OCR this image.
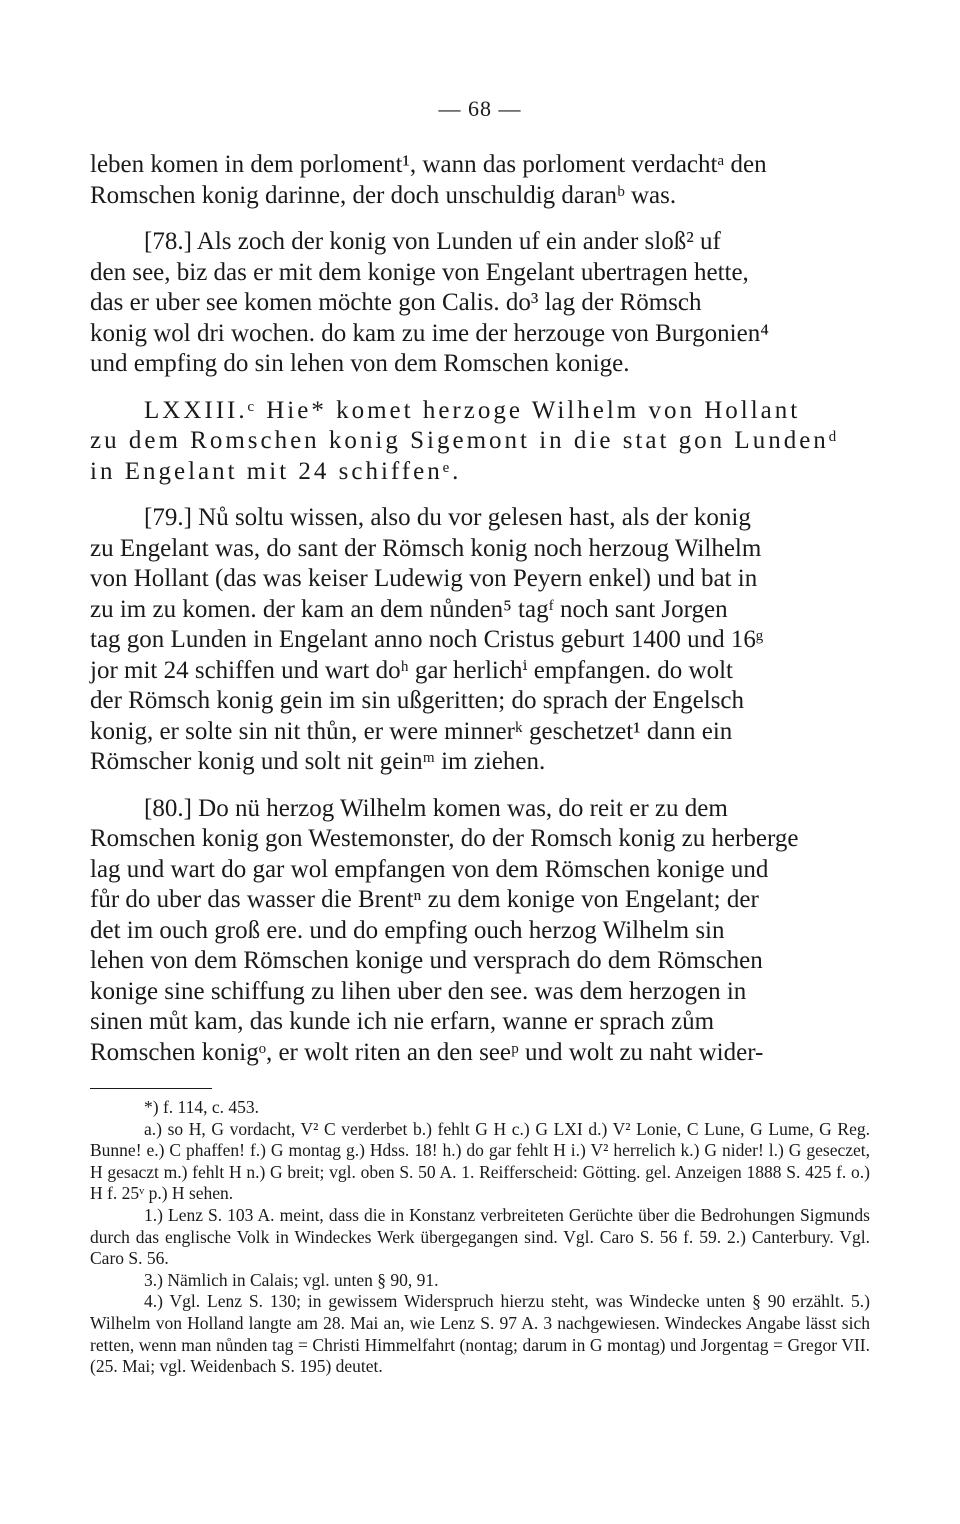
— 68 —

leben komen in dem porloment¹, wann das porloment verdachtᵃ den
Romschen konig darinne, der doch unschuldig daranᵇ was.

[78.] Als zoch der konig von Lunden uf ein ander sloß² uf
den see, biz das er mit dem konige von Engelant ubertragen hette,
das er uber see komen möchte gon Calis. do³ lag der Römsch
konig wol dri wochen. do kam zu ime der herzouge von Burgonien⁴
und empfing do sin lehen von dem Romschen konige.

LXXIII.ᶜ Hie* komet herzoge Wilhelm von Hollant
zu dem Romschen konig Sigemont in die stat gon Lundenᵈ
in Engelant mit 24 schiffenᵉ.

[79.] Nů soltu wissen, also du vor gelesen hast, als der konig
zu Engelant was, do sant der Römsch konig noch herzoug Wilhelm
von Hollant (das was keiser Ludewig von Peyern enkel) und bat in
zu im zu komen. der kam an dem nůnden⁵ tagᶠ noch sant Jorgen
tag gon Lunden in Engelant anno noch Cristus geburt 1400 und 16ᵍ
jor mit 24 schiffen und wart doʰ gar herlichⁱ empfangen. do wolt
der Römsch konig gein im sin ußgeritten; do sprach der Engelsch
konig, er solte sin nit thůn, er were minnerᵏ geschetzet¹ dann ein
Römscher konig und solt nit geinᵐ im ziehen.

[80.] Do nü herzog Wilhelm komen was, do reit er zu dem
Romschen konig gon Westemonster, do der Romsch konig zu herberge
lag und wart do gar wol empfangen von dem Römschen konige und
fůr do uber das wasser die Brentⁿ zu dem konige von Engelant; der
det im ouch groß ere. und do empfing ouch herzog Wilhelm sin
lehen von dem Römschen konige und versprach do dem Römschen
konige sine schiffung zu lihen uber den see. was dem herzogen in
sinen můt kam, das kunde ich nie erfarn, wanne er sprach zům
Romschen konigᵒ, er wolt riten an den seeᵖ und wolt zu naht wider-

*) f. 114, c. 453.

a.) so H, G vordacht, V² C verderbet b.) fehlt G H c.) G LXI d.) V² Lonie, C Lune, G Lume, G Reg. Bunne! e.) C phaffen! f.) G montag g.) Hdss. 18! h.) do gar fehlt H i.) V² herrelich k.) G nider! l.) G geseczet, H gesaczt m.) fehlt H n.) G breit; vgl. oben S. 50 A. 1. Reifferscheid: Götting. gel. Anzeigen 1888 S. 425 f. o.) H f. 25ᵛ p.) H sehen.

1.) Lenz S. 103 A. meint, dass die in Konstanz verbreiteten Gerüchte über die Bedrohungen Sigmunds durch das englische Volk in Windeckes Werk übergegangen sind. Vgl. Caro S. 56 f. 59. 2.) Canterbury. Vgl. Caro S. 56.

3.) Nämlich in Calais; vgl. unten § 90, 91.

4.) Vgl. Lenz S. 130; in gewissem Widerspruch hierzu steht, was Windecke unten § 90 erzählt. 5.) Wilhelm von Holland langte am 28. Mai an, wie Lenz S. 97 A. 3 nachgewiesen. Windeckes Angabe lässt sich retten, wenn man nůnden tag = Christi Himmelfahrt (nontag; darum in G montag) und Jorgentag = Gregor VII. (25. Mai; vgl. Weidenbach S. 195) deutet.
